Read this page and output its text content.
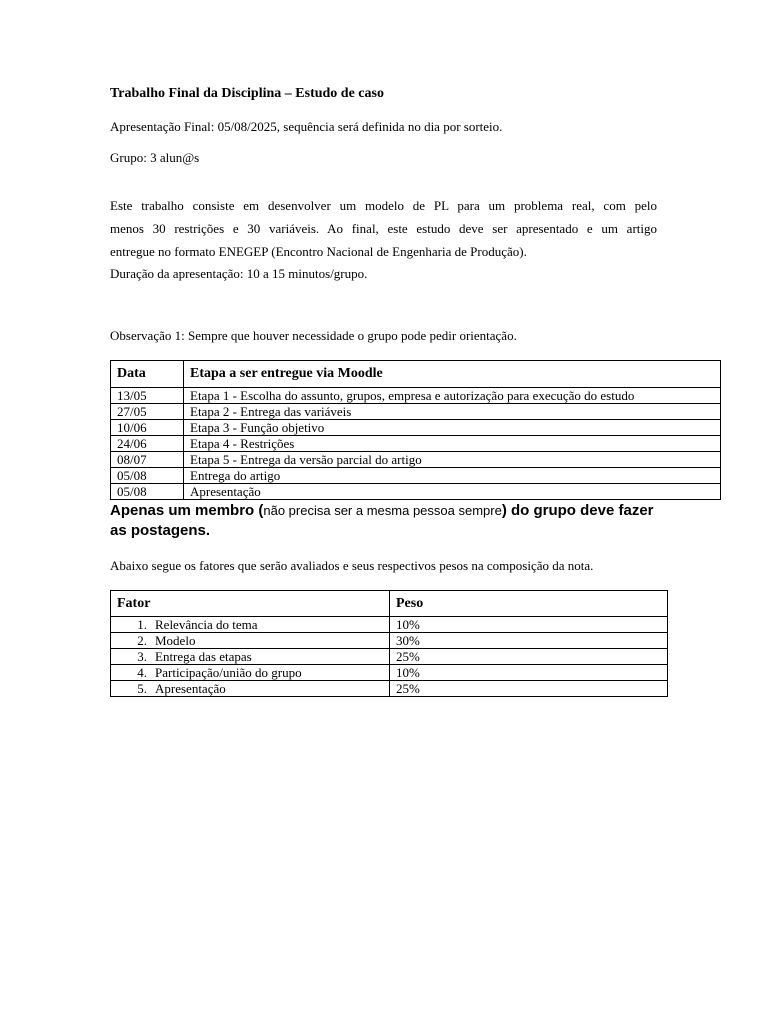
Trabalho Final da Disciplina – Estudo de caso
Apresentação Final: 05/08/2025, sequência será definida no dia por sorteio.
Grupo: 3 alun@s
Este trabalho consiste em desenvolver um modelo de PL para um problema real, com pelo
menos 30 restrições e 30 variáveis. Ao final, este estudo deve ser apresentado e um artigo
entregue no formato ENEGEP (Encontro Nacional de Engenharia de Produção).
Duração da apresentação: 10 a 15 minutos/grupo.
Observação 1: Sempre que houver necessidade o grupo pode pedir orientação.
Data	Etapa a ser entregue via Moodle
13/05	Etapa 1 - Escolha do assunto, grupos, empresa e autorização para execução do estudo
27/05	Etapa 2 - Entrega das variáveis
10/06	Etapa 3 - Função objetivo
24/06	Etapa 4 - Restrições
08/07	Etapa 5 - Entrega da versão parcial do artigo
05/08	Entrega do artigo
05/08	Apresentação
Apenas um membro (não precisa ser a mesma pessoa sempre) do grupo deve fazer as postagens.
Abaixo segue os fatores que serão avaliados e seus respectivos pesos na composição da nota.
Fator	Peso
1. Relevância do tema	10%
2. Modelo	30%
3. Entrega das etapas	25%
4. Participação/união do grupo	10%
5. Apresentação	25%
